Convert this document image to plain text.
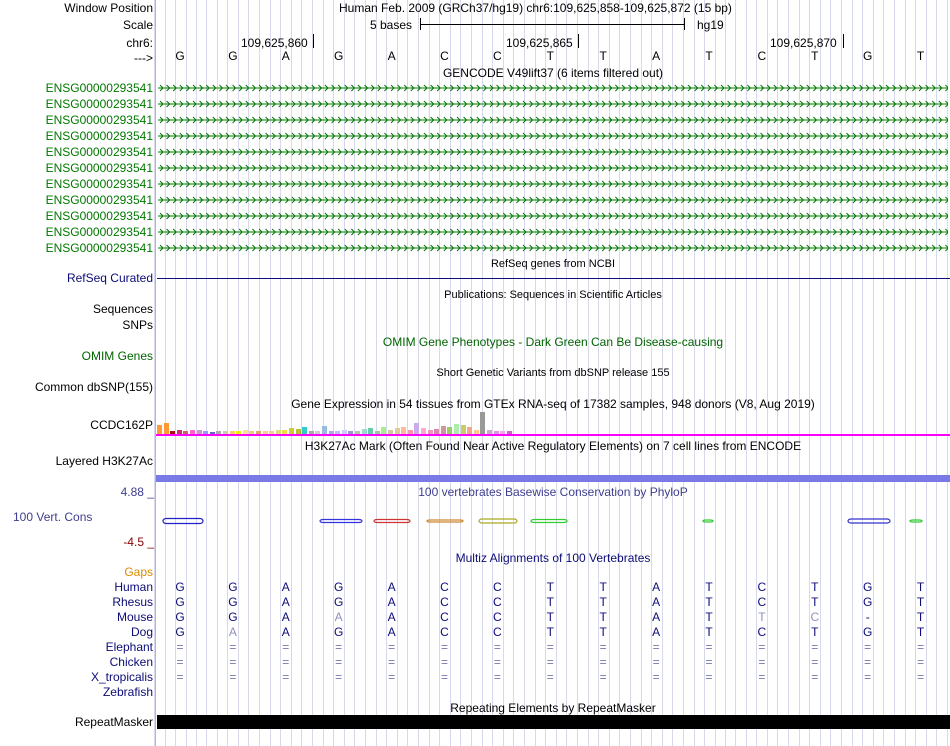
Window Position	Human Feb. 2009 (GRCh37/hg19) chr6:109,625,858-109,625,872 (15 bp)
Scale	5 bases	hg19
chr6:	109,625,860	109,625,865	109,625,870
--->	G	G	A	G	A	C	C	T	T	A	T	C	T	G	T
GENCODE V49lift37 (6 items filtered out)
ENSG00000293541
ENSG00000293541
ENSG00000293541
ENSG00000293541
ENSG00000293541
ENSG00000293541
ENSG00000293541
ENSG00000293541
ENSG00000293541
ENSG00000293541
ENSG00000293541
RefSeq genes from NCBI
RefSeq Curated
Publications: Sequences in Scientific Articles
Sequences
SNPs
OMIM Gene Phenotypes - Dark Green Can Be Disease-causing
OMIM Genes
Short Genetic Variants from dbSNP release 155
Common dbSNP(155)
Gene Expression in 54 tissues from GTEx RNA-seq of 17382 samples, 948 donors (V8, Aug 2019)
CCDC162P
H3K27Ac Mark (Often Found Near Active Regulatory Elements) on 7 cell lines from ENCODE
Layered H3K27Ac
100 vertebrates Basewise Conservation by PhyloP
4.88 _
100 Vert. Cons
-4.5 _
Multiz Alignments of 100 Vertebrates
Gaps
Human	G	G	A	G	A	C	C	T	T	A	T	C	T	G	T
Rhesus	G	G	A	G	A	C	C	T	T	A	T	C	T	G	T
Mouse	G	G	A	A	A	C	C	T	T	A	T	T	C	-	T
Dog	G	A	A	G	A	C	C	T	T	A	T	C	T	G	T
Elephant	=	=	=	=	=	=	=	=	=	=	=	=	=	=	=
Chicken	=	=	=	=	=	=	=	=	=	=	=	=	=	=	=
X_tropicalis	=	=	=	=	=	=	=	=	=	=	=	=	=	=	=
Zebrafish
Repeating Elements by RepeatMasker
RepeatMasker
